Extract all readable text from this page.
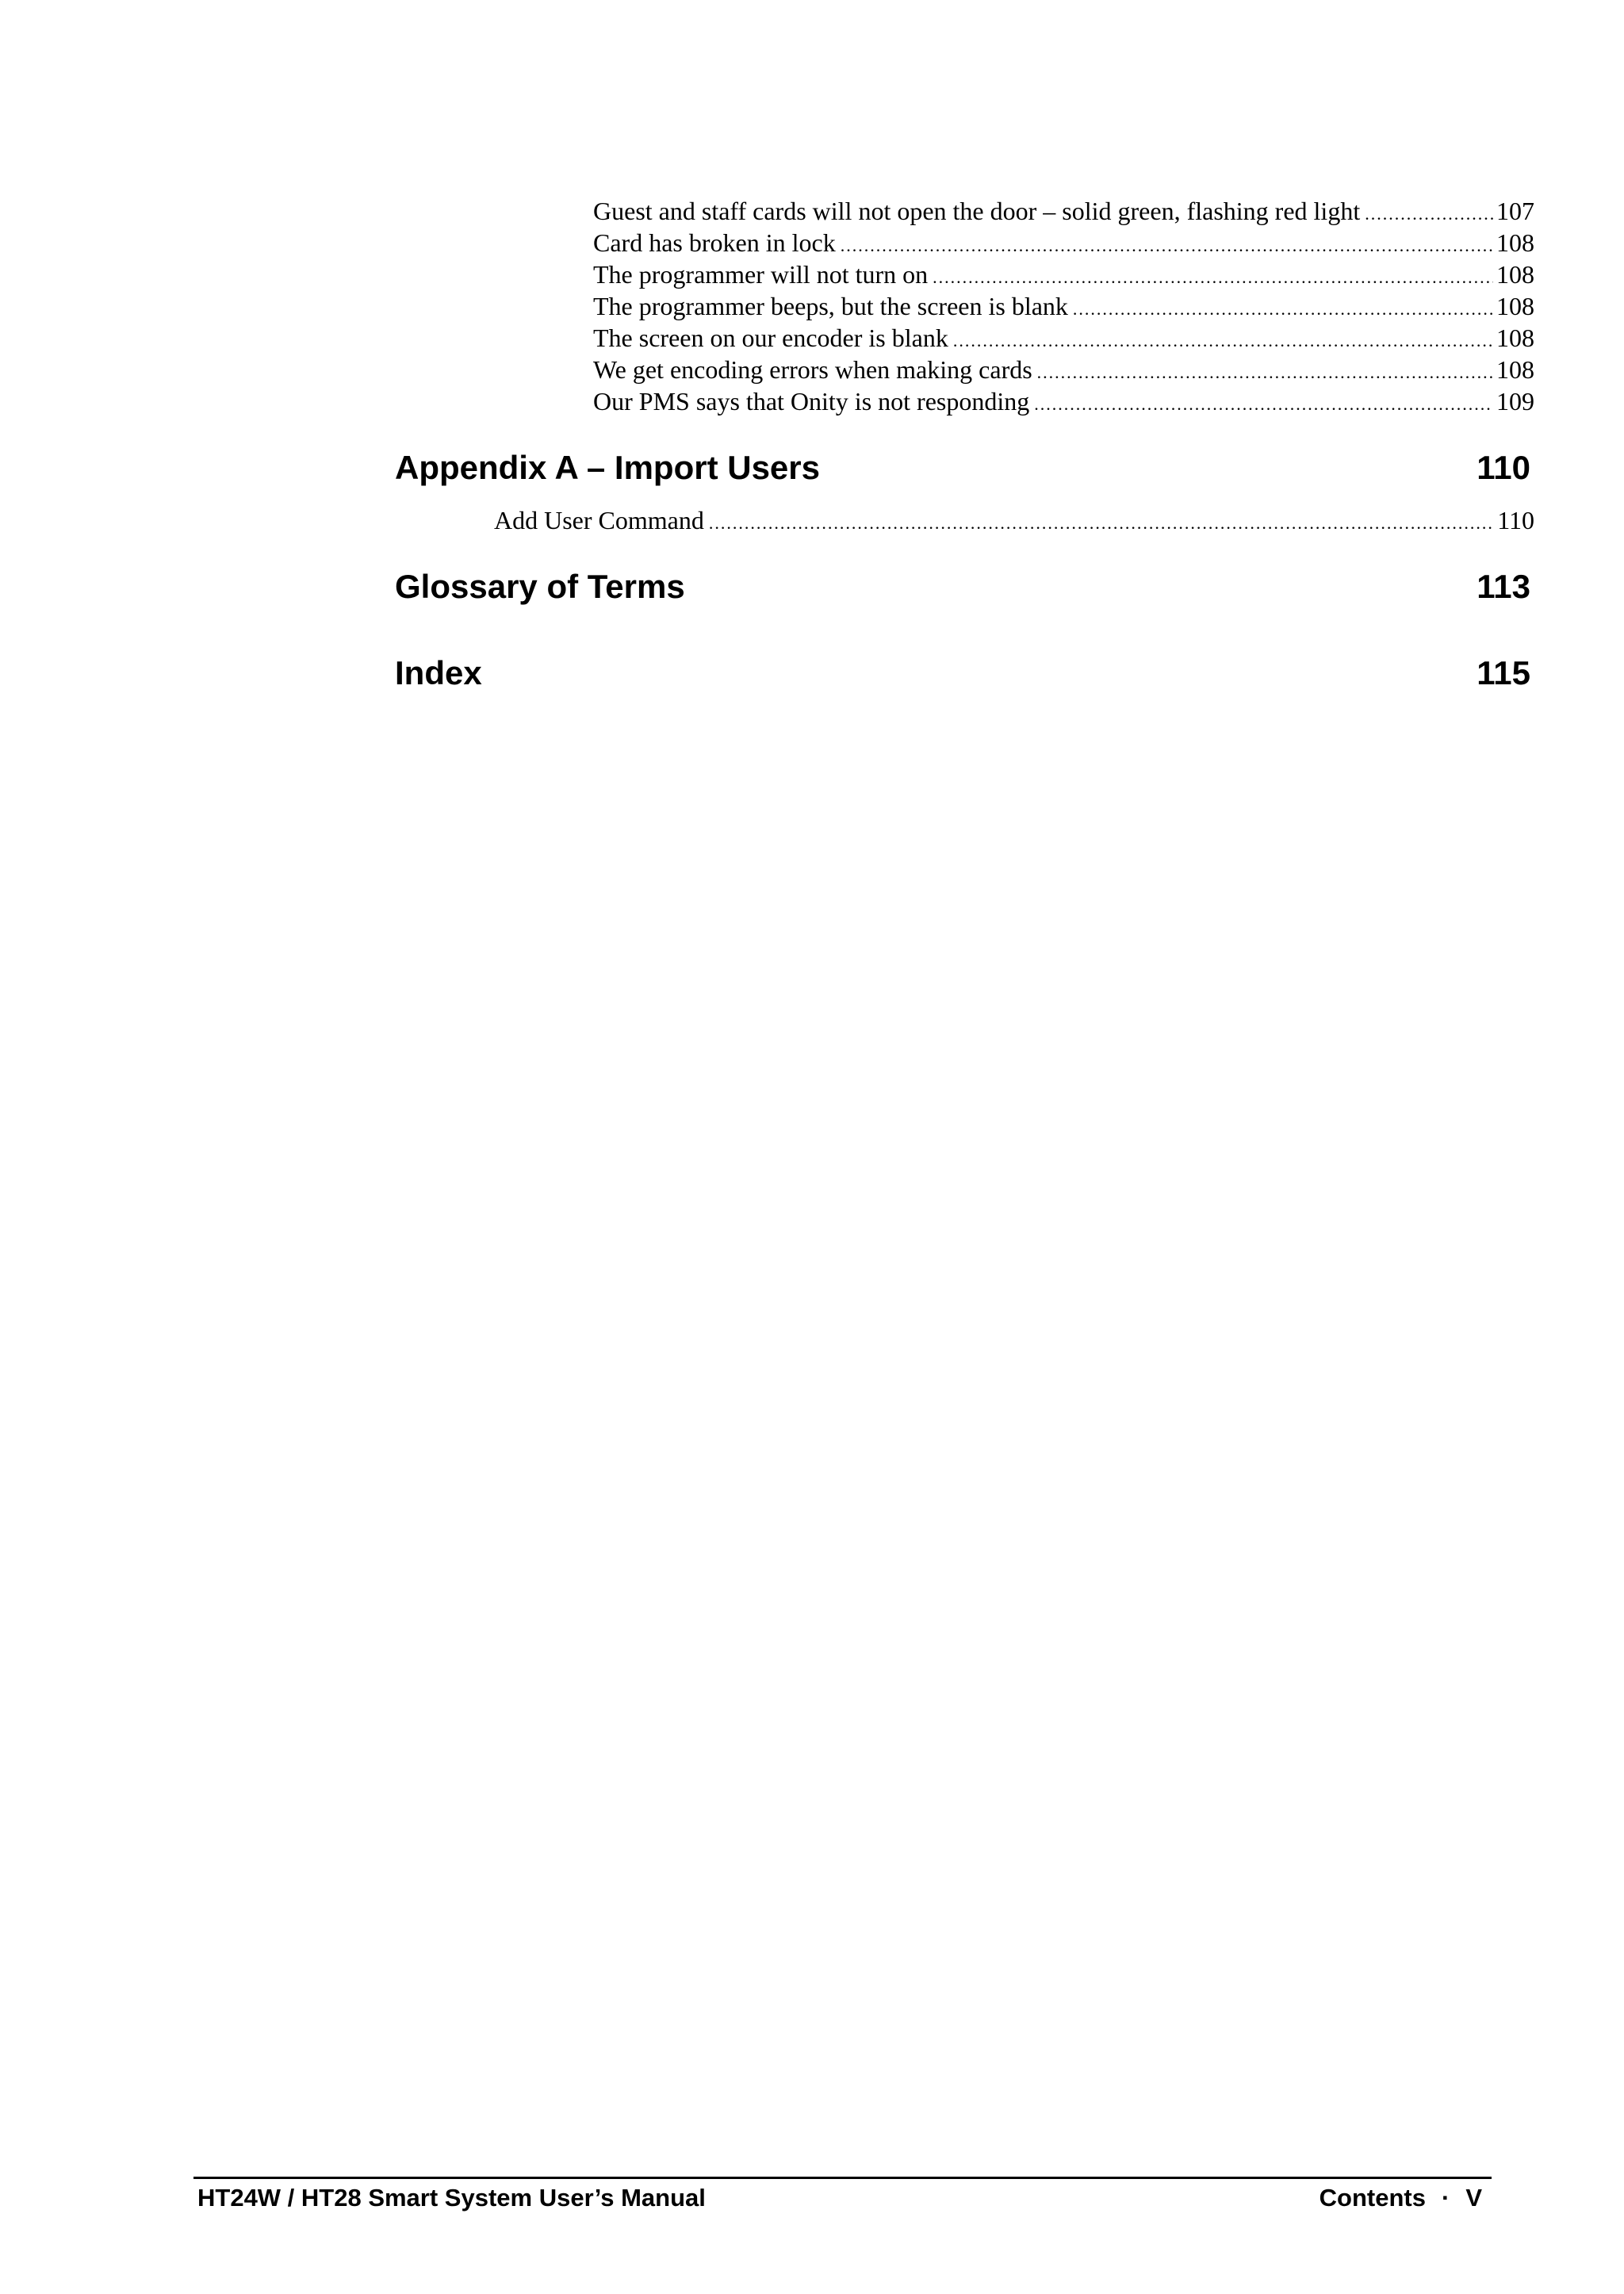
Guest and staff cards will not open the door – solid green, flashing red light .....	107
Card has broken in lock .....	108
The programmer will not turn on .....	108
The programmer beeps, but the screen is blank .....	108
The screen on our encoder is blank .....	108
We get encoding errors when making cards .....	108
Our PMS says that Onity is not responding .....	109
Appendix A – Import Users	110
Add User Command .....	110
Glossary of Terms	113
Index	115
HT24W / HT28 Smart System User’s Manual	Contents · V
